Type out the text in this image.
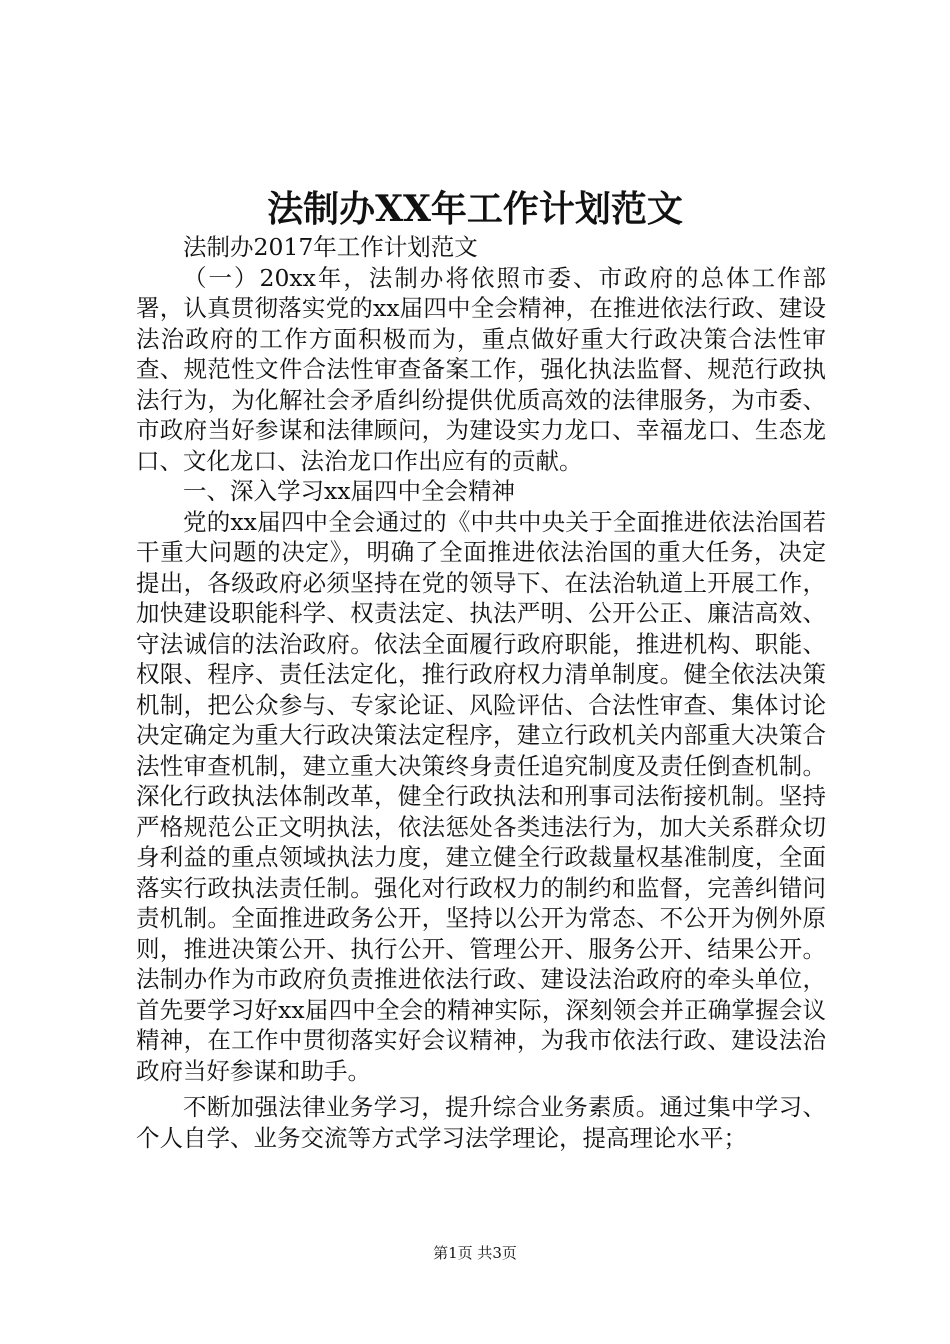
法制办XX年工作计划范文

法制办2017年工作计划范文

（一）20xx年，法制办将依照市委、市政府的总体工作部署，认真贯彻落实党的xx届四中全会精神，在推进依法行政、建设法治政府的工作方面积极而为，重点做好重大行政决策合法性审查、规范性文件合法性审查备案工作，强化执法监督、规范行政执法行为，为化解社会矛盾纠纷提供优质高效的法律服务，为市委、市政府当好参谋和法律顾问，为建设实力龙口、幸福龙口、生态龙口、文化龙口、法治龙口作出应有的贡献。

一、深入学习xx届四中全会精神

党的xx届四中全会通过的《中共中央关于全面推进依法治国若干重大问题的决定》，明确了全面推进依法治国的重大任务，决定提出，各级政府必须坚持在党的领导下、在法治轨道上开展工作，加快建设职能科学、权责法定、执法严明、公开公正、廉洁高效、守法诚信的法治政府。依法全面履行政府职能，推进机构、职能、权限、程序、责任法定化，推行政府权力清单制度。健全依法决策机制，把公众参与、专家论证、风险评估、合法性审查、集体讨论决定确定为重大行政决策法定程序，建立行政机关内部重大决策合法性审查机制，建立重大决策终身责任追究制度及责任倒查机制。深化行政执法体制改革，健全行政执法和刑事司法衔接机制。坚持严格规范公正文明执法，依法惩处各类违法行为，加大关系群众切身利益的重点领域执法力度，建立健全行政裁量权基准制度，全面落实行政执法责任制。强化对行政权力的制约和监督，完善纠错问责机制。全面推进政务公开，坚持以公开为常态、不公开为例外原则，推进决策公开、执行公开、管理公开、服务公开、结果公开。法制办作为市政府负责推进依法行政、建设法治政府的牵头单位，首先要学习好xx届四中全会的精神实际，深刻领会并正确掌握会议精神，在工作中贯彻落实好会议精神，为我市依法行政、建设法治政府当好参谋和助手。

不断加强法律业务学习，提升综合业务素质。通过集中学习、个人自学、业务交流等方式学习法学理论，提高理论水平；

第1页 共3页
